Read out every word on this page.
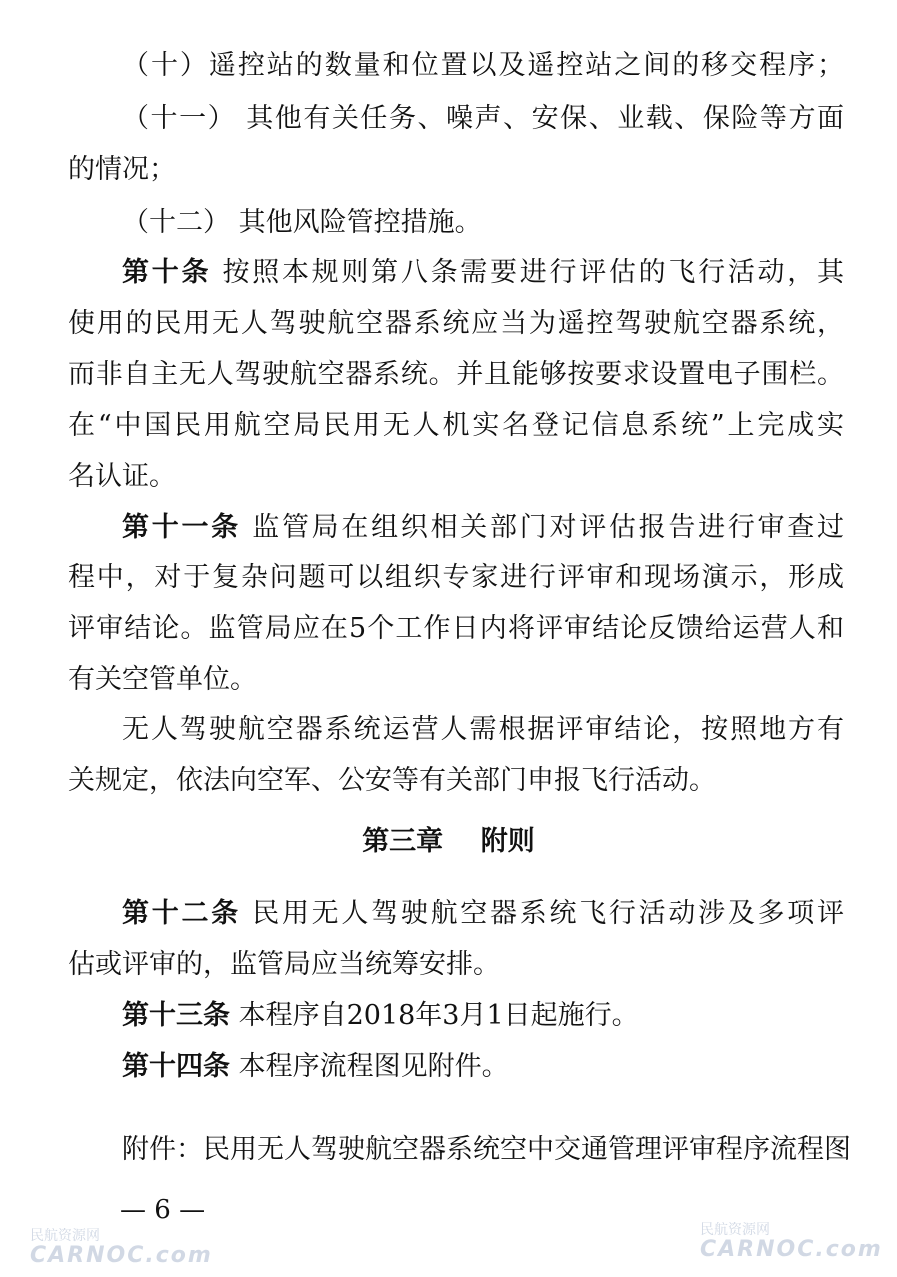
（十）遥控站的数量和位置以及遥控站之间的移交程序；
（十一） 其他有关任务、噪声、安保、业载、保险等方面
的情况；
（十二） 其他风险管控措施。
第十条 按照本规则第八条需要进行评估的飞行活动，其
使用的民用无人驾驶航空器系统应当为遥控驾驶航空器系统，
而非自主无人驾驶航空器系统。并且能够按要求设置电子围栏。
在“中国民用航空局民用无人机实名登记信息系统”上完成实
名认证。
第十一条 监管局在组织相关部门对评估报告进行审查过
程中，对于复杂问题可以组织专家进行评审和现场演示，形成
评审结论。监管局应在5个工作日内将评审结论反馈给运营人和
有关空管单位。
无人驾驶航空器系统运营人需根据评审结论，按照地方有
关规定，依法向空军、公安等有关部门申报飞行活动。
第三章    附则
第十二条 民用无人驾驶航空器系统飞行活动涉及多项评
估或评审的，监管局应当统筹安排。
第十三条 本程序自2018年3月1日起施行。
第十四条 本程序流程图见附件。
附件：民用无人驾驶航空器系统空中交通管理评审程序流程图
— 6 —
民航资源网
CARNOC.com
民航资源网
CARNOC.com
